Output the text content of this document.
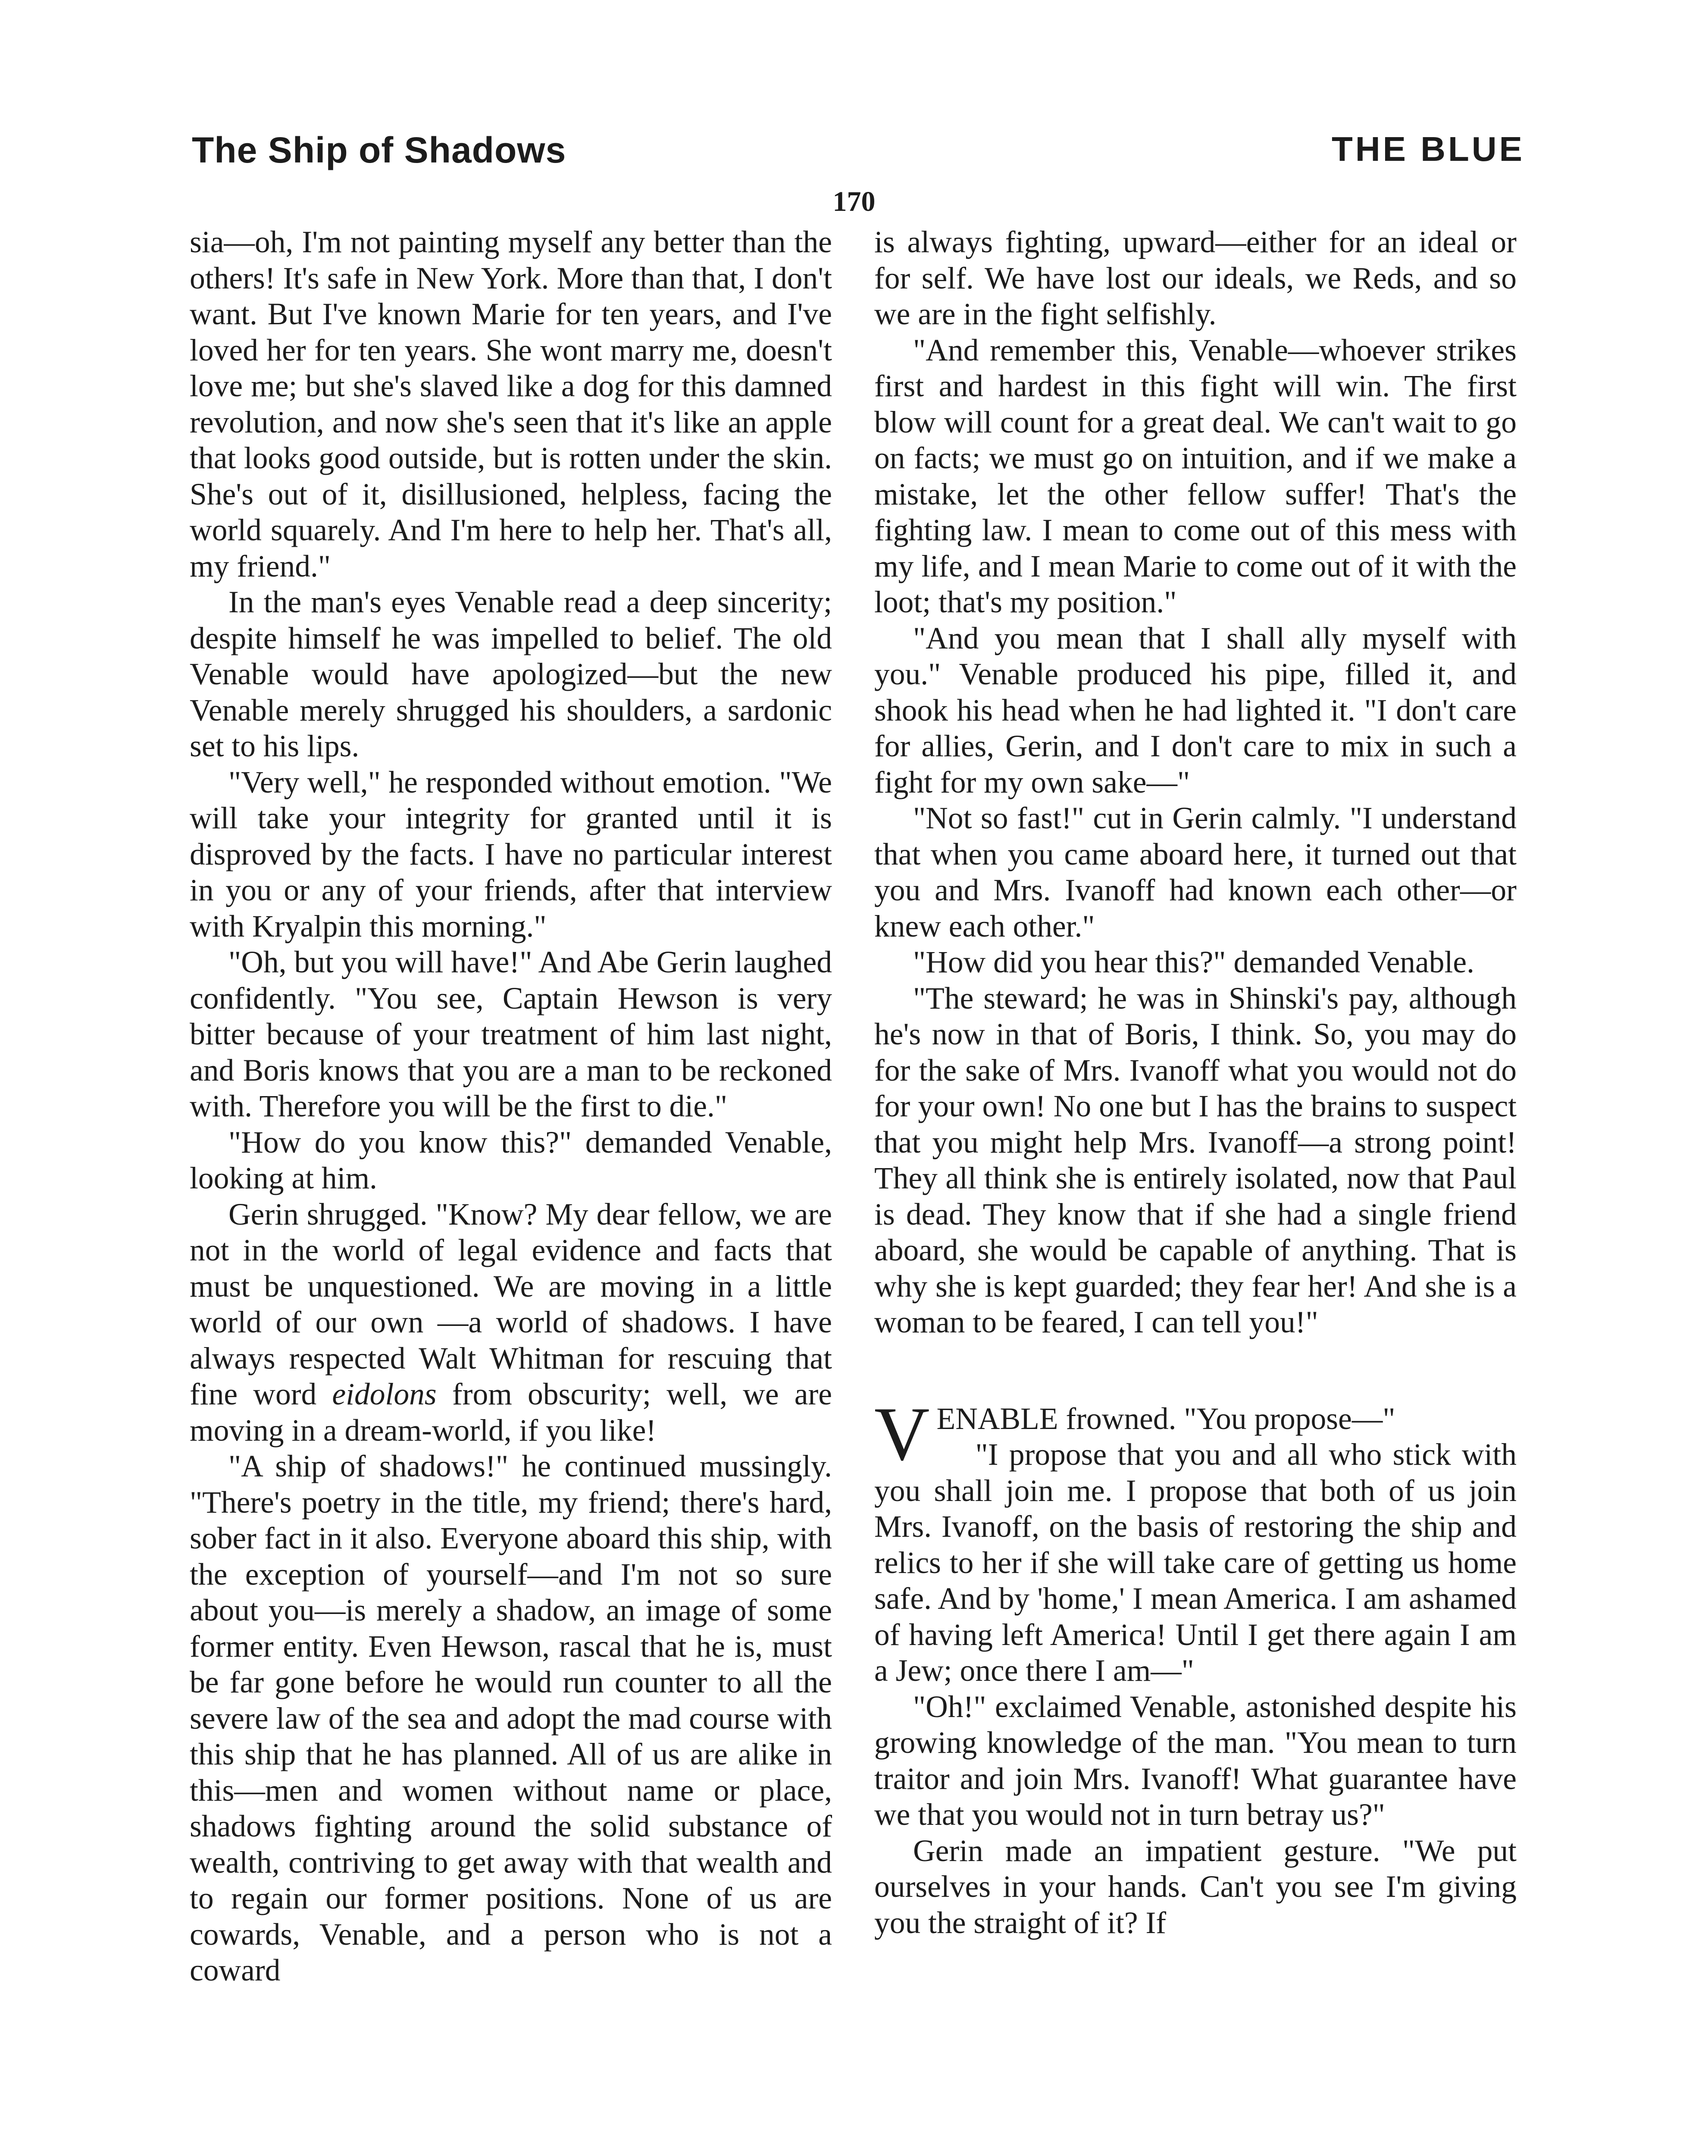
The Ship of Shadows	THE BLUE
170

sia—oh, I'm not painting myself any better than the others! It's safe in New York. More than that, I don't want. But I've known Marie for ten years, and I've loved her for ten years. She wont marry me, doesn't love me; but she's slaved like a dog for this damned revolution, and now she's seen that it's like an apple that looks good outside, but is rotten under the skin. She's out of it, disillusioned, helpless, facing the world squarely. And I'm here to help her. That's all, my friend."

In the man's eyes Venable read a deep sincerity; despite himself he was impelled to belief. The old Venable would have apologized—but the new Venable merely shrugged his shoulders, a sardonic set to his lips.

"Very well," he responded without emotion. "We will take your integrity for granted until it is disproved by the facts. I have no particular interest in you or any of your friends, after that interview with Kryalpin this morning."

"Oh, but you will have!" And Abe Gerin laughed confidently. "You see, Captain Hewson is very bitter because of your treatment of him last night, and Boris knows that you are a man to be reckoned with. Therefore you will be the first to die."

"How do you know this?" demanded Venable, looking at him.

Gerin shrugged. "Know? My dear fellow, we are not in the world of legal evidence and facts that must be unquestioned. We are moving in a little world of our own —a world of shadows. I have always respected Walt Whitman for rescuing that fine word eidolons from obscurity; well, we are moving in a dream-world, if you like!

"A ship of shadows!" he continued mussingly. "There's poetry in the title, my friend; there's hard, sober fact in it also. Everyone aboard this ship, with the exception of yourself—and I'm not so sure about you—is merely a shadow, an image of some former entity. Even Hewson, rascal that he is, must be far gone before he would run counter to all the severe law of the sea and adopt the mad course with this ship that he has planned. All of us are alike in this—men and women without name or place, shadows fighting around the solid substance of wealth, contriving to get away with that wealth and to regain our former positions. None of us are cowards, Venable, and a person who is not a coward

is always fighting, upward—either for an ideal or for self. We have lost our ideals, we Reds, and so we are in the fight selfishly.

"And remember this, Venable—whoever strikes first and hardest in this fight will win. The first blow will count for a great deal. We can't wait to go on facts; we must go on intuition, and if we make a mistake, let the other fellow suffer! That's the fighting law. I mean to come out of this mess with my life, and I mean Marie to come out of it with the loot; that's my position."

"And you mean that I shall ally myself with you." Venable produced his pipe, filled it, and shook his head when he had lighted it. "I don't care for allies, Gerin, and I don't care to mix in such a fight for my own sake—"

"Not so fast!" cut in Gerin calmly. "I understand that when you came aboard here, it turned out that you and Mrs. Ivanoff had known each other—or knew each other."

"How did you hear this?" demanded Venable.

"The steward; he was in Shinski's pay, although he's now in that of Boris, I think. So, you may do for the sake of Mrs. Ivanoff what you would not do for your own! No one but I has the brains to suspect that you might help Mrs. Ivanoff—a strong point! They all think she is entirely isolated, now that Paul is dead. They know that if she had a single friend aboard, she would be capable of anything. That is why she is kept guarded; they fear her! And she is a woman to be feared, I can tell you!"

VENABLE frowned. "You propose—"

"I propose that you and all who stick with you shall join me. I propose that both of us join Mrs. Ivanoff, on the basis of restoring the ship and relics to her if she will take care of getting us home safe. And by 'home,' I mean America. I am ashamed of having left America! Until I get there again I am a Jew; once there I am—"

"Oh!" exclaimed Venable, astonished despite his growing knowledge of the man. "You mean to turn traitor and join Mrs. Ivanoff! What guarantee have we that you would not in turn betray us?"

Gerin made an impatient gesture. "We put ourselves in your hands. Can't you see I'm giving you the straight of it? If
